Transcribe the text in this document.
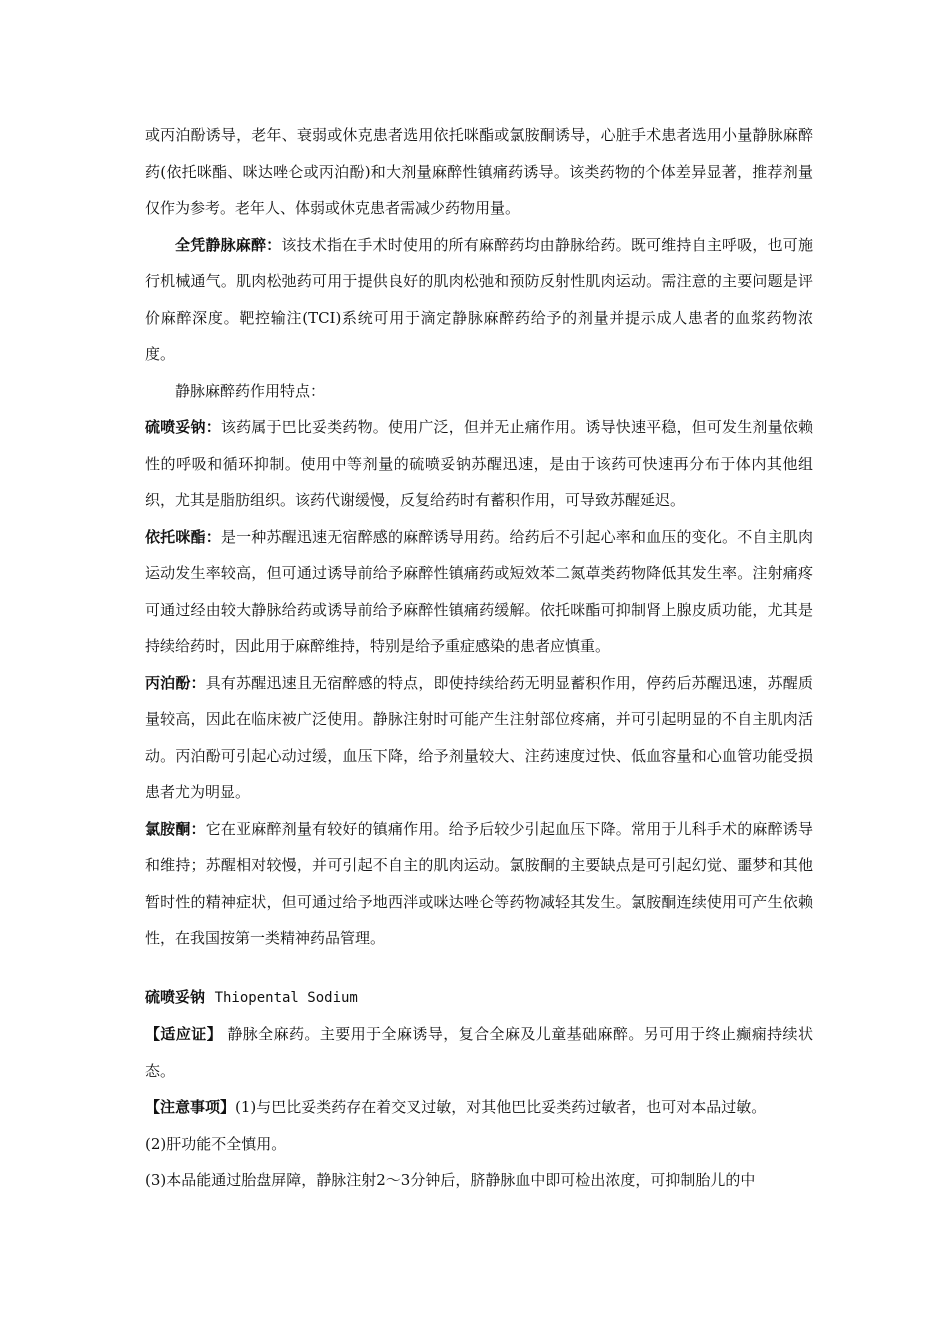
或丙泊酚诱导，老年、衰弱或休克患者选用依托咪酯或氯胺酮诱导，心脏手术患者选用小量静脉麻醉药(依托咪酯、咪达唑仑或丙泊酚)和大剂量麻醉性镇痛药诱导。该类药物的个体差异显著，推荐剂量仅作为参考。老年人、体弱或休克患者需减少药物用量。

全凭静脉麻醉：该技术指在手术时使用的所有麻醉药均由静脉给药。既可维持自主呼吸，也可施行机械通气。肌肉松弛药可用于提供良好的肌肉松弛和预防反射性肌肉运动。需注意的主要问题是评价麻醉深度。靶控输注(TCI)系统可用于滴定静脉麻醉药给予的剂量并提示成人患者的血浆药物浓度。

静脉麻醉药作用特点：

硫喷妥钠：该药属于巴比妥类药物。使用广泛，但并无止痛作用。诱导快速平稳，但可发生剂量依赖性的呼吸和循环抑制。使用中等剂量的硫喷妥钠苏醒迅速，是由于该药可快速再分布于体内其他组织，尤其是脂肪组织。该药代谢缓慢，反复给药时有蓄积作用，可导致苏醒延迟。

依托咪酯：是一种苏醒迅速无宿醉感的麻醉诱导用药。给药后不引起心率和血压的变化。不自主肌肉运动发生率较高，但可通过诱导前给予麻醉性镇痛药或短效苯二氮䓬类药物降低其发生率。注射痛疼可通过经由较大静脉给药或诱导前给予麻醉性镇痛药缓解。依托咪酯可抑制肾上腺皮质功能，尤其是持续给药时，因此用于麻醉维持，特别是给予重症感染的患者应慎重。

丙泊酚：具有苏醒迅速且无宿醉感的特点，即使持续给药无明显蓄积作用，停药后苏醒迅速，苏醒质量较高，因此在临床被广泛使用。静脉注射时可能产生注射部位疼痛，并可引起明显的不自主肌肉活动。丙泊酚可引起心动过缓，血压下降，给予剂量较大、注药速度过快、低血容量和心血管功能受损患者尤为明显。

氯胺酮：它在亚麻醉剂量有较好的镇痛作用。给予后较少引起血压下降。常用于儿科手术的麻醉诱导和维持；苏醒相对较慢，并可引起不自主的肌肉运动。氯胺酮的主要缺点是可引起幻觉、噩梦和其他暂时性的精神症状，但可通过给予地西泮或咪达唑仑等药物减轻其发生。氯胺酮连续使用可产生依赖性，在我国按第一类精神药品管理。

硫喷妥钠 Thiopental Sodium

【适应证】 静脉全麻药。主要用于全麻诱导，复合全麻及儿童基础麻醉。另可用于终止癫痫持续状态。

【注意事项】(1)与巴比妥类药存在着交叉过敏，对其他巴比妥类药过敏者，也可对本品过敏。

(2)肝功能不全慎用。

(3)本品能通过胎盘屏障，静脉注射2～3分钟后，脐静脉血中即可检出浓度，可抑制胎儿的中
